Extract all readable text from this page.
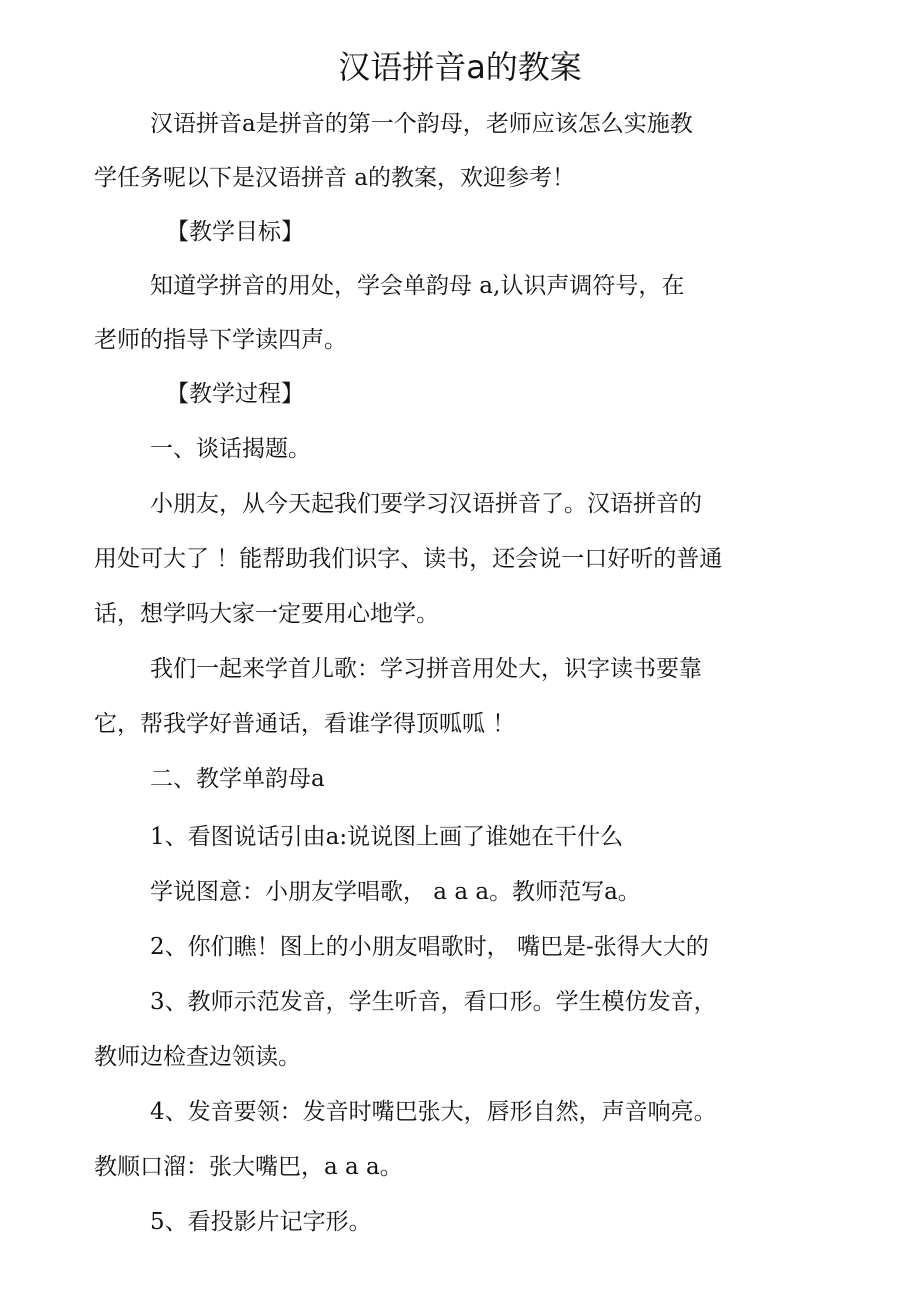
汉语拼音a的教案
汉语拼音a是拼音的第一个韵母，老师应该怎么实施教
学任务呢以下是汉语拼音 a的教案，欢迎参考！
【教学目标】
知道学拼音的用处，学会单韵母 a,认识声调符号，在
老师的指导下学读四声。
【教学过程】
一、谈话揭题。
小朋友，从今天起我们要学习汉语拼音了。汉语拼音的
用处可大了 ！能帮助我们识字、读书，还会说一口好听的普通
话，想学吗大家一定要用心地学。
我们一起来学首儿歌：学习拼音用处大，识字读书要靠
它，帮我学好普通话，看谁学得顶呱呱 ！
二、教学单韵母a
1、看图说话引由a:说说图上画了谁她在干什么
学说图意：小朋友学唱歌， a a a。教师范写a。
2、你们瞧！图上的小朋友唱歌时， 嘴巴是-张得大大的
3、教师示范发音，学生听音，看口形。学生模仿发音，
教师边检查边领读。
4、发音要领：发音时嘴巴张大，唇形自然，声音响亮。
教顺口溜：张大嘴巴，a a a。
5、看投影片记字形。
